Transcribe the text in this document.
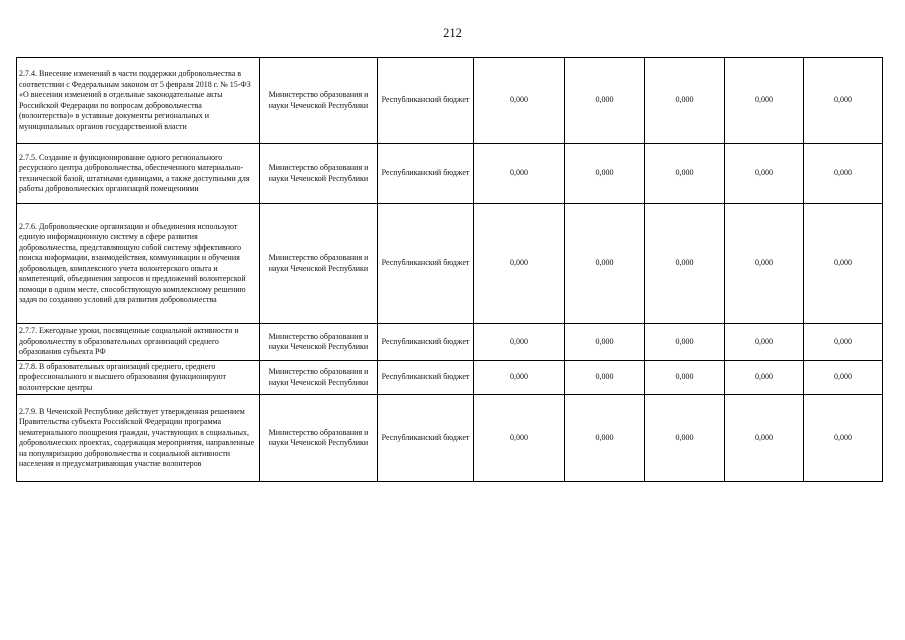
212
2.7.4. Внесение изменений в части поддержки добровольчества в соответствии с Федеральным законом от 5 февраля 2018 г. № 15-ФЗ «О внесении изменений в отдельные законодательные акты Российской Федерации по вопросам добровольчества (волонтерства)» в уставные документы региональных и муниципальных органов государственной власти	Министерство образования и науки Чеченской Республики	Республиканский бюджет	0,000	0,000	0,000	0,000	0,000
2.7.5. Создание и функционирование одного регионального ресурсного центра добровольчества, обеспеченного материально-технической базой, штатными единицами, а также доступными для работы добровольческих организаций помещениями	Министерство образования и науки Чеченской Республики	Республиканский бюджет	0,000	0,000	0,000	0,000	0,000
2.7.6. Добровольческие организации и объединения используют единую информационную систему в сфере развития добровольчества, представляющую собой систему эффективного поиска информации, взаимодействия, коммуникации и обучения добровольцев, комплексного учета волонтерского опыта и компетенций, объединения запросов и предложений волонтерской помощи в одном месте, способствующую комплексному решению задач по созданию условий для развития добровольчества	Министерство образования и науки Чеченской Республики	Республиканский бюджет	0,000	0,000	0,000	0,000	0,000
2.7.7. Ежегодные уроки, посвященные социальной активности и добровольчеству в образовательных организаций среднего образования субъекта РФ	Министерство образования и науки Чеченской Республики	Республиканский бюджет	0,000	0,000	0,000	0,000	0,000
2.7.8. В образовательных организаций среднего, среднего профессионального и высшего образования функционируют волонтерские центры	Министерство образования и науки Чеченской Республики	Республиканский бюджет	0,000	0,000	0,000	0,000	0,000
2.7.9. В Чеченской Республике действует утвержденная решением Правительства субъекта Российской Федерации программа нематериального поощрения граждан, участвующих в социальных, добровольческих проектах, содержащая мероприятия, направленные на популяризацию добровольчества и социальной активности населения и предусматривающая участие волонтеров	Министерство образования и науки Чеченской Республики	Республиканский бюджет	0,000	0,000	0,000	0,000	0,000
